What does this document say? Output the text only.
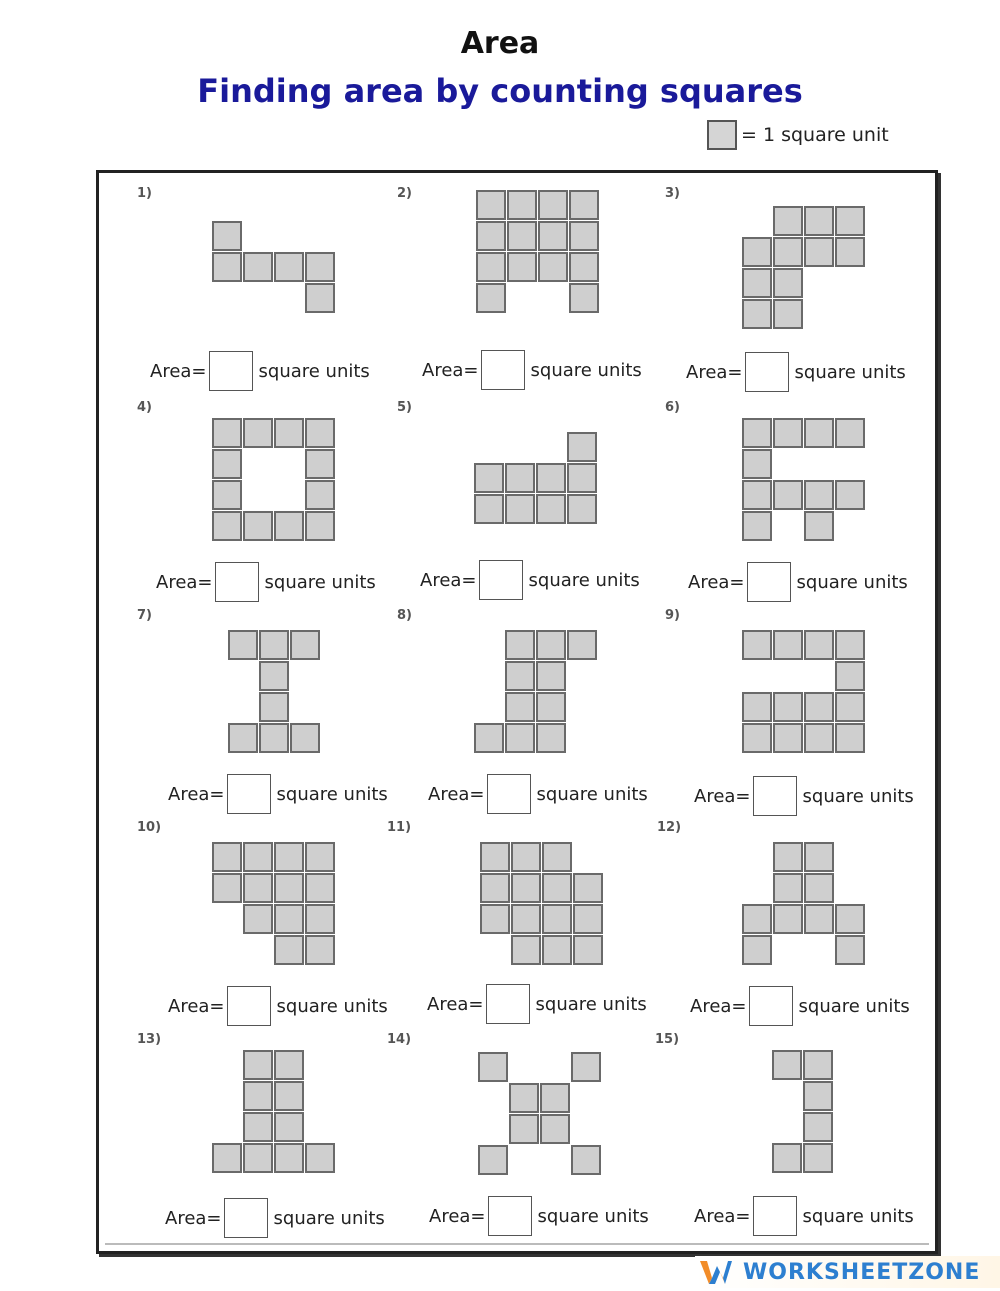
Area
Finding area by counting squares
= 1 square unit
1)
Area=	square units
2)
Area=	square units
3)
Area=	square units
4)
Area=	square units
5)
Area=	square units
6)
Area=	square units
7)
Area=	square units
8)
Area=	square units
9)
Area=	square units
10)
Area=	square units
11)
Area=	square units
12)
Area=	square units
13)
Area=	square units
14)
Area=	square units
15)
Area=	square units
WORKSHEETZONE
